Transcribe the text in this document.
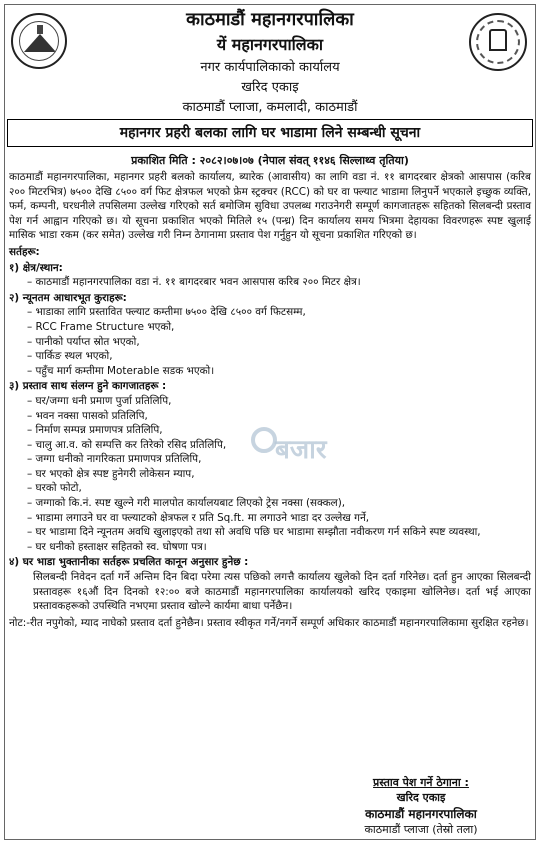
काठमाडौं महानगरपालिका
यें महानगरपालिका
नगर कार्यपालिकाको कार्यालय
खरिद एकाइ
काठमाडौं प्लाजा, कमलादी, काठमाडौं
महानगर प्रहरी बलका लागि घर भाडामा लिने सम्बन्धी सूचना
प्रकाशित मिति : २०८२।०७।०७ (नेपाल संवत् ११४६ सिल्लाथ्व तृतिया)
बजार

काठमाडौं महानगरपालिका, महानगर प्रहरी बलको कार्यालय, ब्यारेक (आवासीय) का लागि वडा नं. ११ बागदरबार क्षेत्रको आसपास (करिब २०० मिटरभित्र) ७५०० देखि ८५०० वर्ग फिट क्षेत्रफल भएको फ्रेम स्ट्रक्चर (RCC) को घर वा फ्ल्याट भाडामा लिनुपर्ने भएकाले इच्छुक व्यक्ति, फर्म, कम्पनी, घरधनीले तपसिलमा उल्लेख गरिएको सर्त बमोजिम सुविधा उपलब्ध गराउनेगरी सम्पूर्ण कागजातहरू सहितको सिलबन्दी प्रस्ताव पेश गर्न आह्वान गरिएको छ। यो सूचना प्रकाशित भएको मितिले १५ (पन्ध्र) दिन कार्यालय समय भित्रमा देहायका विवरणहरू स्पष्ट खुलाई मासिक भाडा रकम (कर समेत) उल्लेख गरी निम्न ठेगानामा प्रस्ताव पेश गर्नुहुन यो सूचना प्रकाशित गरिएको छ।

सर्तहरू:
१) क्षेत्र/स्थान:

– काठमाडौं महानगरपालिका वडा नं. ११ बागदरबार भवन आसपास करिब २०० मिटर क्षेत्र।

२) न्यूनतम आधारभूत कुराहरू:

– भाडाका लागि प्रस्तावित फ्ल्याट कम्तीमा ७५०० देखि ८५०० वर्ग फिटसम्म,

– RCC Frame Structure भएको,

– पानीको पर्याप्त स्रोत भएको,

– पार्किङ स्थल भएको,

– पहुँच मार्ग कम्तीमा Moterable सडक भएको।

३) प्रस्ताव साथ संलग्न हुने कागजातहरू :

– घर/जग्गा धनी प्रमाण पुर्जा प्रतिलिपि,

– भवन नक्सा पासको प्रतिलिपि,

– निर्माण सम्पन्न प्रमाणपत्र प्रतिलिपि,

– चालु आ.व. को सम्पत्ति कर तिरेको रसिद प्रतिलिपि,

– जग्गा धनीको नागरिकता प्रमाणपत्र प्रतिलिपि,

– घर भएको क्षेत्र स्पष्ट हुनेगरी लोकेसन म्याप,

– घरको फोटो,

– जग्गाको कि.नं. स्पष्ट खुल्ने गरी मालपोत कार्यालयबाट लिएको ट्रेस नक्सा (सक्कल),

– भाडामा लगाउने घर वा फ्ल्याटको क्षेत्रफल र प्रति Sq.ft. मा लगाउने भाडा दर उल्लेख गर्ने,

– घर भाडामा दिने न्यूनतम अवधि खुलाइएको तथा सो अवधि पछि घर भाडामा सम्झौता नवीकरण गर्न सकिने स्पष्ट व्यवस्था,

– घर धनीको हस्ताक्षर सहितको स्व. घोषणा पत्र।

४) घर भाडा भुक्तानीका सर्तहरू प्रचलित कानून अनुसार हुनेछ :

सिलबन्दी निवेदन दर्ता गर्ने अन्तिम दिन बिदा परेमा त्यस पछिको लगत्तै कार्यालय खुलेको दिन दर्ता गरिनेछ। दर्ता हुन आएका सिलबन्दी प्रस्तावहरू १६औं दिन दिनको १२:०० बजे काठमाडौं महानगरपालिका कार्यालयको खरिद एकाइमा खोलिनेछ। दर्ता भई आएका प्रस्तावकहरूको उपस्थिति नभएमा प्रस्ताव खोल्ने कार्यमा बाधा पर्नेछैन।

नोट:-रीत नपुगेको, म्याद नाघेको प्रस्ताव दर्ता हुनेछैन। प्रस्ताव स्वीकृत गर्ने/नगर्ने सम्पूर्ण अधिकार काठमाडौं महानगरपालिकामा सुरक्षित रहनेछ।

प्रस्ताव पेश गर्ने ठेगाना :
खरिद एकाइ
काठमाडौं महानगरपालिका
काठमाडौं प्लाजा (तेस्रो तला)
